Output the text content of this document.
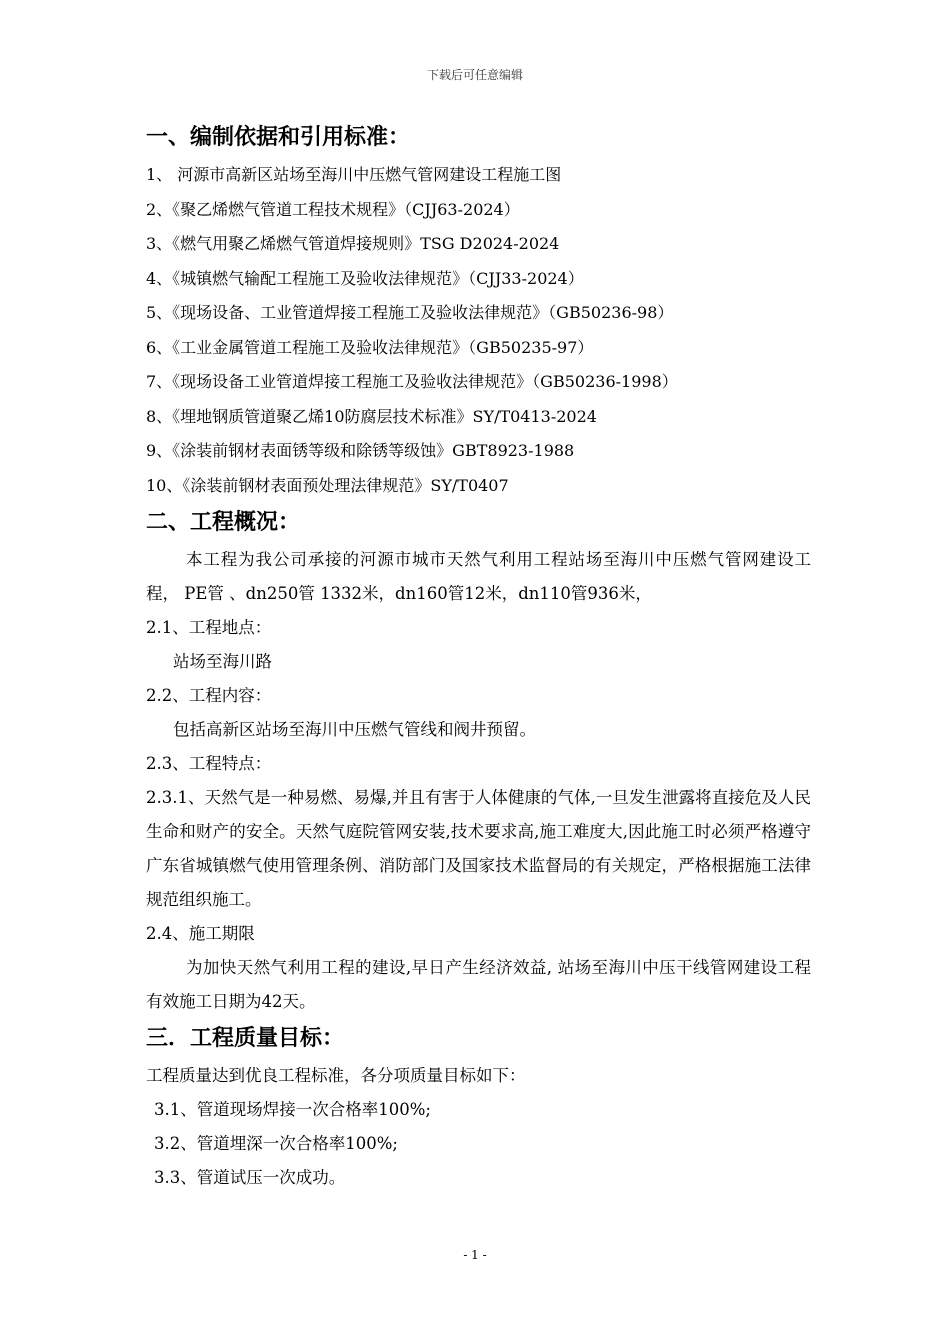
下载后可任意编辑
一、编制依据和引用标准：
1、 河源市高新区站场至海川中压燃气管网建设工程施工图
2、《聚乙烯燃气管道工程技术规程》（CJJ63-2024）
3、《燃气用聚乙烯燃气管道焊接规则》TSG D2024-2024
4、《城镇燃气输配工程施工及验收法律规范》（CJJ33-2024）
5、《现场设备、工业管道焊接工程施工及验收法律规范》（GB50236-98）
6、《工业金属管道工程施工及验收法律规范》（GB50235-97）
7、《现场设备工业管道焊接工程施工及验收法律规范》（GB50236-1998）
8、《埋地钢质管道聚乙烯10防腐层技术标准》SY/T0413-2024
9、《涂装前钢材表面锈等级和除锈等级蚀》GBT8923-1988
10、《涂装前钢材表面预处理法律规范》SY/T0407
二、工程概况：
本工程为我公司承接的河源市城市天然气利用工程站场至海川中压燃气管网建设工程， PE管 、dn250管 1332米，dn160管12米，dn110管936米，
2.1、工程地点：
站场至海川路
2.2、工程内容：
包括高新区站场至海川中压燃气管线和阀井预留。
2.3、工程特点：
2.3.1、天然气是一种易燃、易爆,并且有害于人体健康的气体,一旦发生泄露将直接危及人民生命和财产的安全。天然气庭院管网安装,技术要求高,施工难度大,因此施工时必须严格遵守广东省城镇燃气使用管理条例、消防部门及国家技术监督局的有关规定，严格根据施工法律规范组织施工。
2.4、施工期限
为加快天然气利用工程的建设,早日产生经济效益, 站场至海川中压干线管网建设工程有效施工日期为42天。
三．工程质量目标：
工程质量达到优良工程标准，各分项质量目标如下：
3.1、管道现场焊接一次合格率100%;
3.2、管道埋深一次合格率100%;
3.3、管道试压一次成功。
- 1 -
